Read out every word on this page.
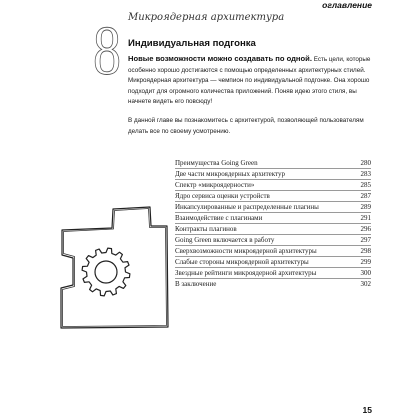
оглавление
8 Микроядерная архитектура
Индивидуальная подгонка

Новые возможности можно создавать по одной. Есть цели, которые особенно хорошо достигаются с помощью определенных архитектурных стилей. Микроядерная архитектура — чемпион по индивидуальной подгонке. Она хорошо подходит для огромного количества приложений. Поняв идею этого стиля, вы начнете видеть его повсюду!

В данной главе вы познакомитесь с архитектурой, позволяющей пользователям делать все по своему усмотрению.

Преимущества Going Green	280
Две части микроядерных архитектур	283
Спектр «микроядерности»	285
Ядро сервиса оценки устройств	287
Инкапсулированные и распределенные плагины	289
Взаимодействие с плагинами	291
Контракты плагинов	296
Going Green включается в работу	297
Сверхвозможности микроядерной архитектуры	298
Слабые стороны микроядерной архитектуры	299
Звездные рейтинги микроядерной архитектуры	300
В заключение	302
15
